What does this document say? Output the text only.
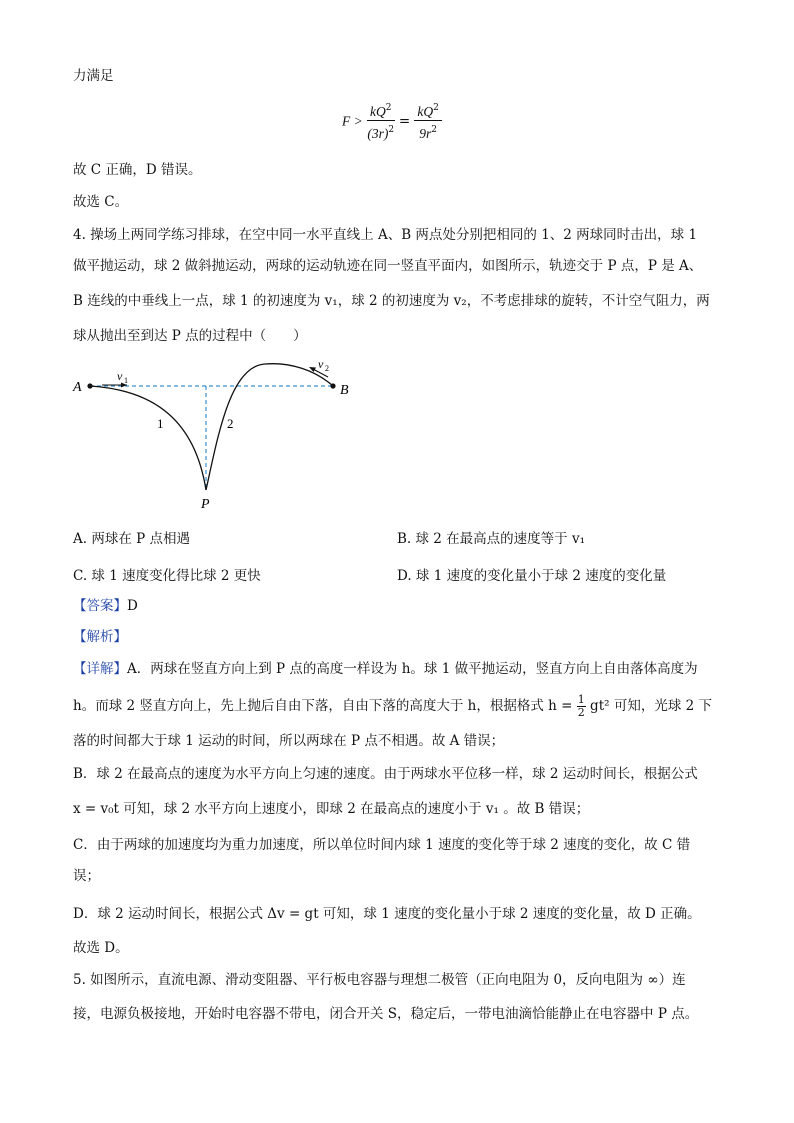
力满足
$F > \frac{kQ^2}{(3r)^2} = \frac{kQ^2}{9r^2}$
故 C 正确，D 错误。
故选 C。
4. 操场上两同学练习排球，在空中同一水平直线上 A、B 两点处分别把相同的 1、2 两球同时击出，球 1
做平抛运动，球 2 做斜抛运动，两球的运动轨迹在同一竖直平面内，如图所示，轨迹交于 P 点，P 是 A、
B 连线的中垂线上一点，球 1 的初速度为 v₁，球 2 的初速度为 v₂，不考虑排球的旋转，不计空气阻力，两
球从抛出至到达 P 点的过程中（　　）
A	B
P
v 1
v 2
1	2
A. 两球在 P 点相遇	B. 球 2 在最高点的速度等于 v₁
C. 球 1 速度变化得比球 2 更快	D. 球 1 速度的变化量小于球 2 速度的变化量
【答案】D
【解析】
【详解】A．两球在竖直方向上到 P 点的高度一样设为 h。球 1 做平抛运动，竖直方向上自由落体高度为
h。而球 2 竖直方向上，先上抛后自由下落，自由下落的高度大于 h，根据格式 $h = \frac{1}{2} gt^2$ 可知，光球 2 下
落的时间都大于球 1 运动的时间，所以两球在 P 点不相遇。故 A 错误；
B．球 2 在最高点的速度为水平方向上匀速的速度。由于两球水平位移一样，球 2 运动时间长，根据公式
x = v₀t 可知，球 2 水平方向上速度小，即球 2 在最高点的速度小于 v₁ 。故 B 错误；
C．由于两球的加速度均为重力加速度，所以单位时间内球 1 速度的变化等于球 2 速度的变化，故 C 错
误；
D．球 2 运动时间长，根据公式 Δv = gt 可知，球 1 速度的变化量小于球 2 速度的变化量，故 D 正确。
故选 D。
5. 如图所示，直流电源、滑动变阻器、平行板电容器与理想二极管（正向电阻为 0，反向电阻为 ∞）连
接，电源负极接地，开始时电容器不带电，闭合开关 S，稳定后，一带电油滴恰能静止在电容器中 P 点。
